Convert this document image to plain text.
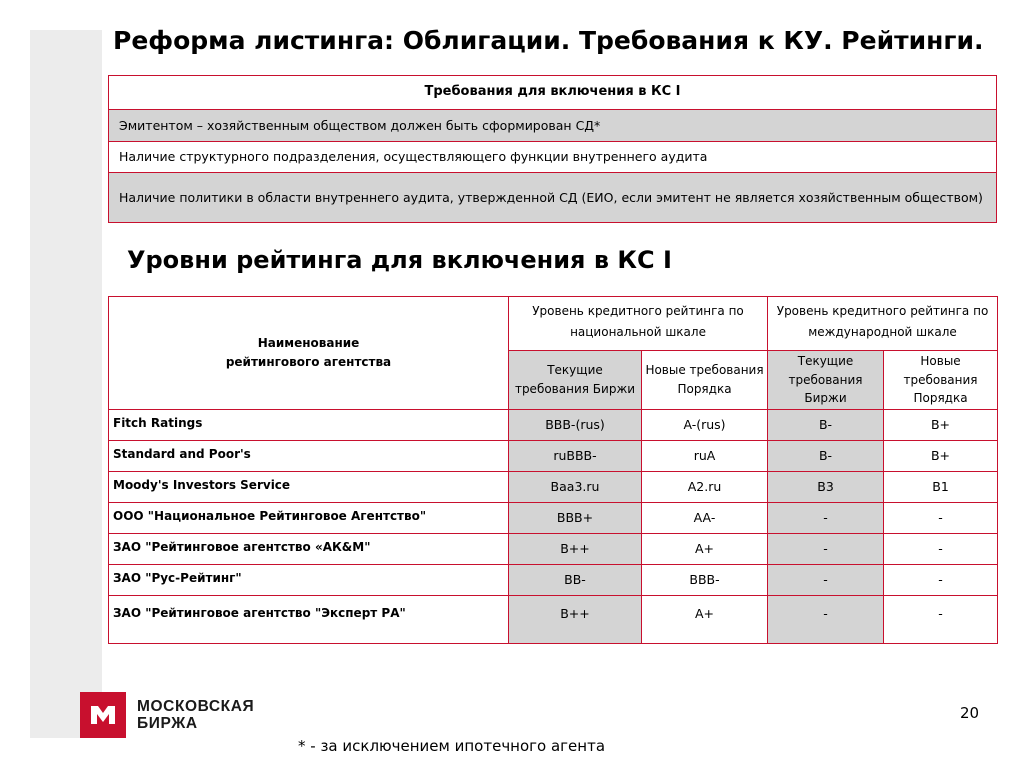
Реформа листинга: Облигации. Требования к КУ. Рейтинги.
Требования для включения в КС I
Эмитентом – хозяйственным обществом должен быть сформирован СД*
Наличие структурного подразделения, осуществляющего функции внутреннего аудита
Наличие политики в области внутреннего аудита, утвержденной СД (ЕИО, если эмитент не является хозяйственным обществом)
Уровни рейтинга для включения в КС I
Наименование
рейтингового агентства	Уровень кредитного рейтинга по национальной шкале		Уровень кредитного рейтинга по международной шкале	
	Текущие требования Биржи	Новые требования Порядка	Текущие требования Биржи	Новые требования Порядка
Fitch Ratings	BBB-(rus)	A-(rus)	B-	B+
Standard and Poor's	ruBBB-	ruA	B-	B+
Moody's Investors Service	Baa3.ru	A2.ru	B3	B1
ООО "Национальное Рейтинговое Агентство"	BBB+	AA-	-	-
ЗАО "Рейтинговое агентство «АК&M"	B++	A+	-	-
ЗАО "Рус-Рейтинг"	BB-	BBB-	-	-
ЗАО "Рейтинговое агентство "Эксперт РА"	B++	A+	-	-
МОСКОВСКАЯ
БИРЖА
20
* - за исключением ипотечного агента
